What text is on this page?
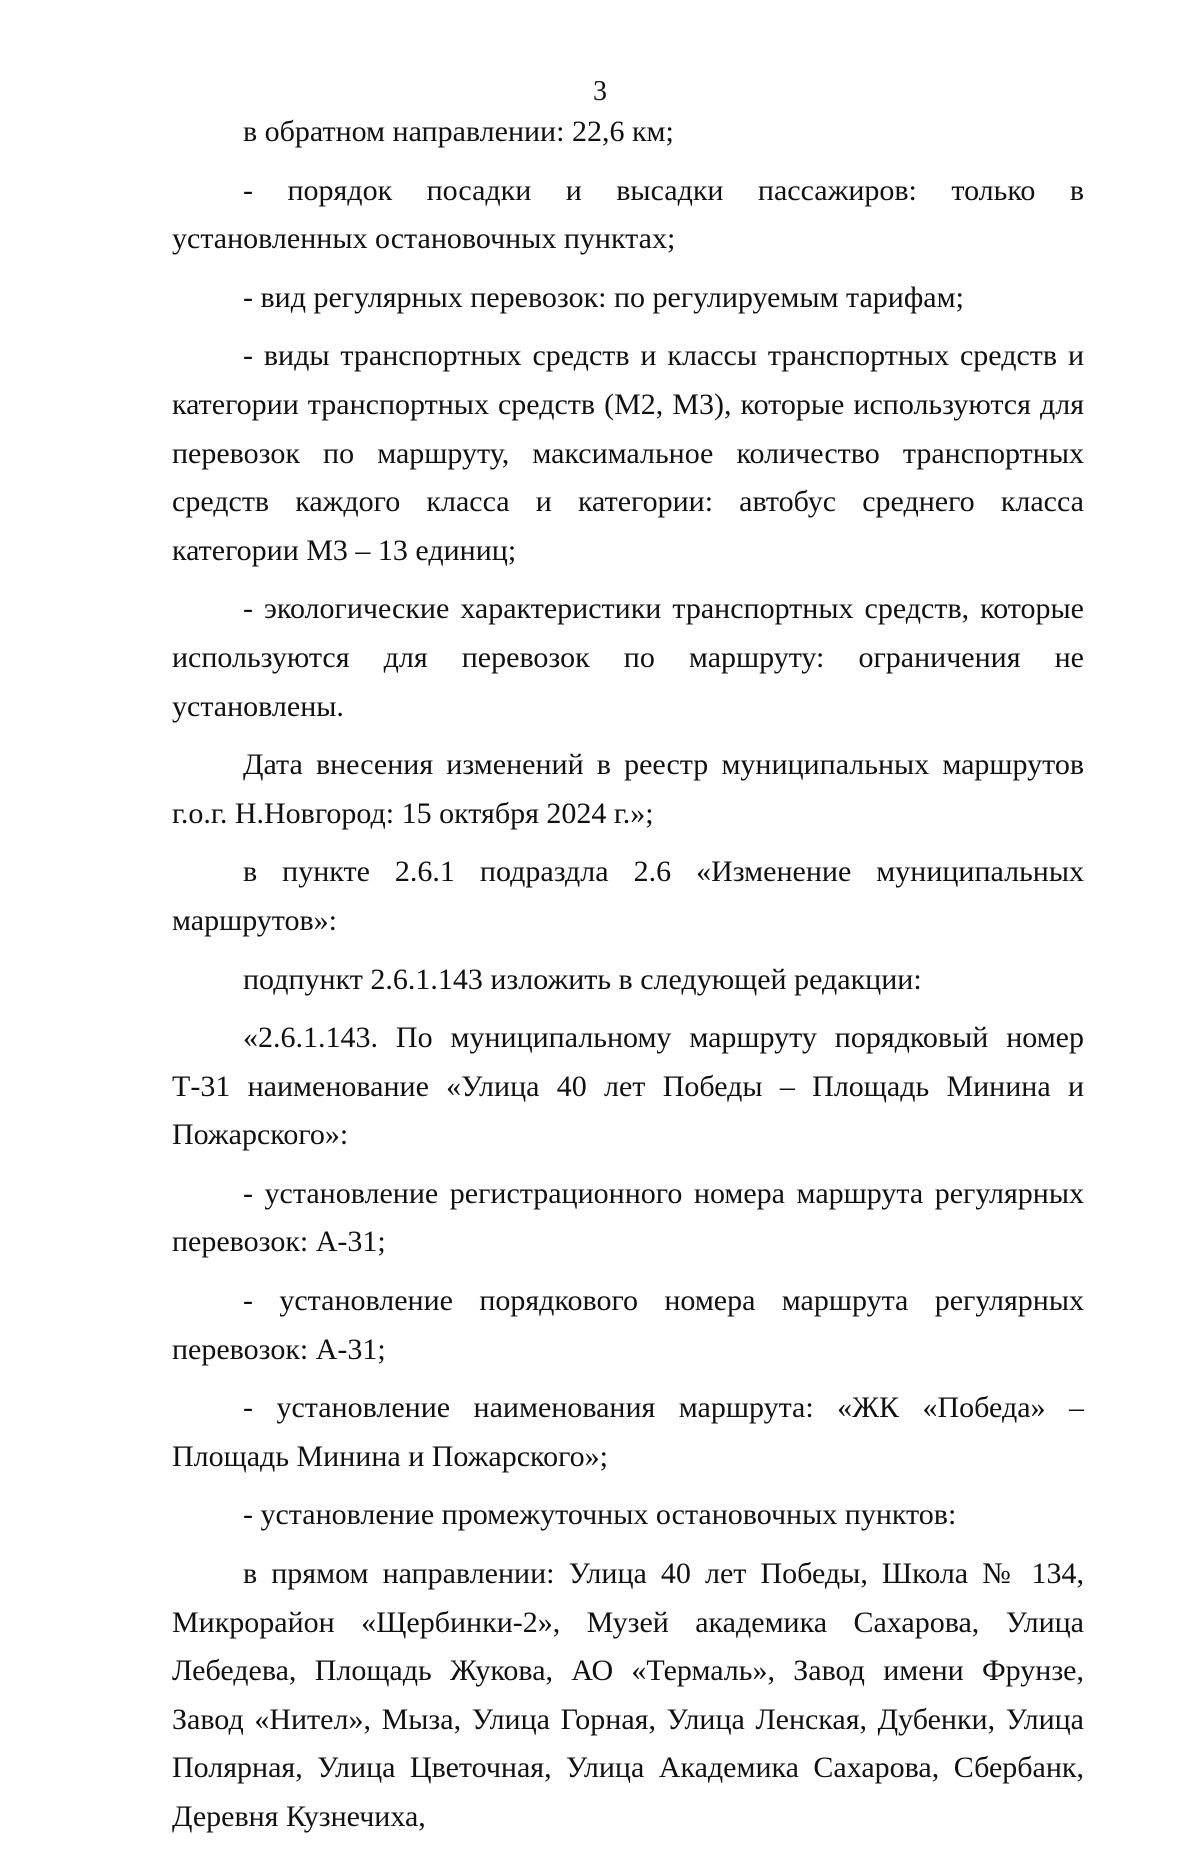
3

в обратном направлении: 22,6 км;

- порядок посадки и высадки пассажиров: только в установленных остановочных пунктах;

- вид регулярных перевозок: по регулируемым тарифам;

- виды транспортных средств и классы транспортных средств и категории транспортных средств (М2, М3), которые используются для перевозок по маршруту, максимальное количество транспортных средств каждого класса и категории: автобус среднего класса категории М3 – 13 единиц;

- экологические характеристики транспортных средств, которые используются для перевозок по маршруту: ограничения не установлены.

Дата внесения изменений в реестр муниципальных маршрутов г.о.г. Н.Новгород: 15 октября 2024 г.»;

в пункте 2.6.1 подраздла 2.6 «Изменение муниципальных маршрутов»:

подпункт 2.6.1.143 изложить в следующей редакции:

«2.6.1.143. По муниципальному маршруту порядковый номер Т-31 наименование «Улица 40 лет Победы – Площадь Минина и Пожарского»:

- установление регистрационного номера маршрута регулярных перевозок: А-31;

- установление порядкового номера маршрута регулярных перевозок: А-31;

- установление наименования маршрута: «ЖК «Победа» – Площадь Минина и Пожарского»;

- установление промежуточных остановочных пунктов:

в прямом направлении: Улица 40 лет Победы, Школа № 134, Микрорайон «Щербинки-2», Музей академика Сахарова, Улица Лебедева, Площадь Жукова, АО «Термаль», Завод имени Фрунзе, Завод «Нител», Мыза, Улица Горная, Улица Ленская, Дубенки, Улица Полярная, Улица Цветочная, Улица Академика Сахарова, Сбербанк, Деревня Кузнечиха,
